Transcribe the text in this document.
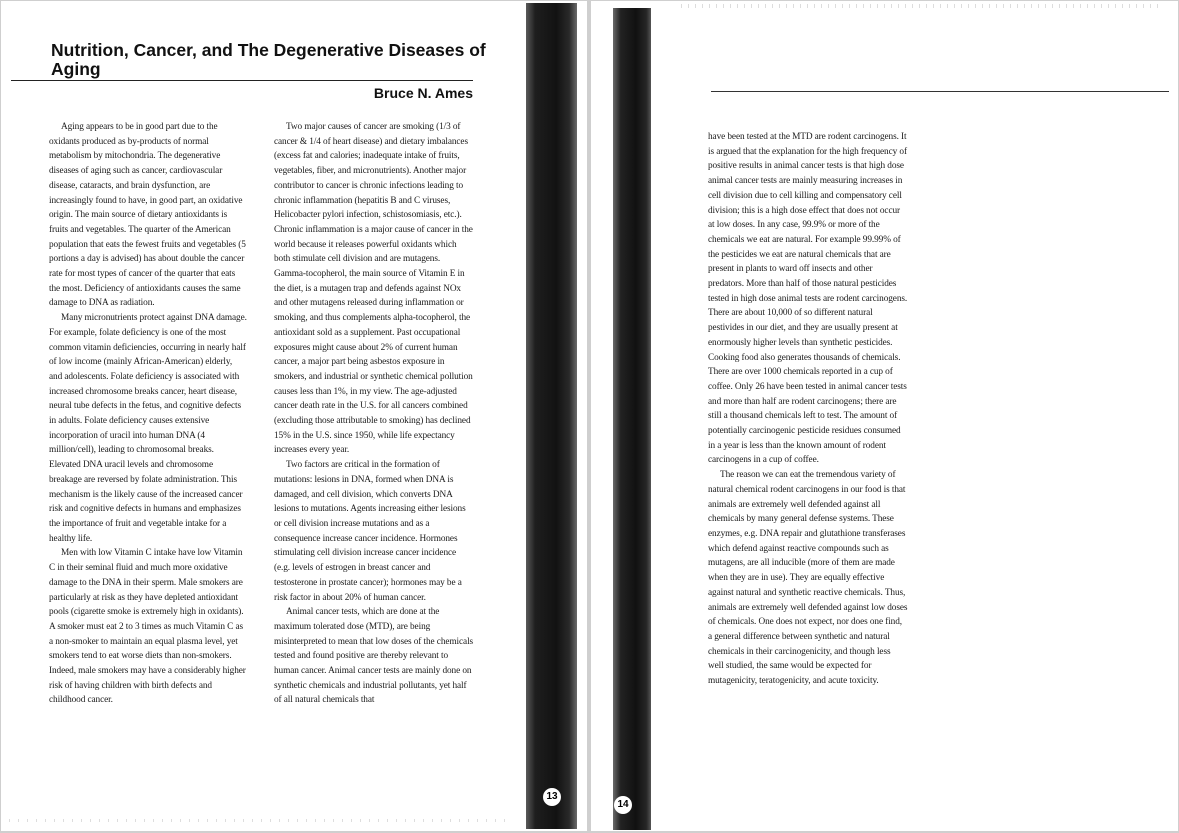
Nutrition, Cancer, and The Degenerative Diseases of Aging
Bruce N. Ames

Aging appears to be in good part due to the oxidants produced as by-products of normal metabolism by mitochondria. The degenerative diseases of aging such as cancer, cardiovascular disease, cataracts, and brain dysfunction, are increasingly found to have, in good part, an oxidative origin. The main source of dietary antioxidants is fruits and vegetables. The quarter of the American population that eats the fewest fruits and vegetables (5 portions a day is advised) has about double the cancer rate for most types of cancer of the quarter that eats the most. Deficiency of antioxidants causes the same damage to DNA as radiation.

Many micronutrients protect against DNA damage. For example, folate deficiency is one of the most common vitamin deficiencies, occurring in nearly half of low income (mainly African-American) elderly, and adolescents. Folate deficiency is associated with increased chromosome breaks cancer, heart disease, neural tube defects in the fetus, and cognitive defects in adults. Folate deficiency causes extensive incorporation of uracil into human DNA (4 million/cell), leading to chromosomal breaks. Elevated DNA uracil levels and chromosome breakage are reversed by folate administration. This mechanism is the likely cause of the increased cancer risk and cognitive defects in humans and emphasizes the importance of fruit and vegetable intake for a healthy life.

Men with low Vitamin C intake have low Vitamin C in their seminal fluid and much more oxidative damage to the DNA in their sperm. Male smokers are particularly at risk as they have depleted antioxidant pools (cigarette smoke is extremely high in oxidants). A smoker must eat 2 to 3 times as much Vitamin C as a non-smoker to maintain an equal plasma level, yet smokers tend to eat worse diets than non-smokers. Indeed, male smokers may have a considerably higher risk of having children with birth defects and childhood cancer.

Two major causes of cancer are smoking (1/3 of cancer & 1/4 of heart disease) and dietary imbalances (excess fat and calories; inadequate intake of fruits, vegetables, fiber, and micronutrients). Another major contributor to cancer is chronic infections leading to chronic inflammation (hepatitis B and C viruses, Helicobacter pylori infection, schistosomiasis, etc.). Chronic inflammation is a major cause of cancer in the world because it releases powerful oxidants which both stimulate cell division and are mutagens. Gamma-tocopherol, the main source of Vitamin E in the diet, is a mutagen trap and defends against NOx and other mutagens released during inflammation or smoking, and thus complements alpha-tocopherol, the antioxidant sold as a supplement. Past occupational exposures might cause about 2% of current human cancer, a major part being asbestos exposure in smokers, and industrial or synthetic chemical pollution causes less than 1%, in my view. The age-adjusted cancer death rate in the U.S. for all cancers combined (excluding those attributable to smoking) has declined 15% in the U.S. since 1950, while life expectancy increases every year.

Two factors are critical in the formation of mutations: lesions in DNA, formed when DNA is damaged, and cell division, which converts DNA lesions to mutations. Agents increasing either lesions or cell division increase mutations and as a consequence increase cancer incidence. Hormones stimulating cell division increase cancer incidence (e.g. levels of estrogen in breast cancer and testosterone in prostate cancer); hormones may be a risk factor in about 20% of human cancer.

Animal cancer tests, which are done at the maximum tolerated dose (MTD), are being misinterpreted to mean that low doses of the chemicals tested and found positive are thereby relevant to human cancer. Animal cancer tests are mainly done on synthetic chemicals and industrial pollutants, yet half of all natural chemicals that

13

have been tested at the MTD are rodent carcinogens. It is argued that the explanation for the high frequency of positive results in animal cancer tests is that high dose animal cancer tests are mainly measuring increases in cell division due to cell killing and compensatory cell division; this is a high dose effect that does not occur at low doses. In any case, 99.9% or more of the chemicals we eat are natural. For example 99.99% of the pesticides we eat are natural chemicals that are present in plants to ward off insects and other predators. More than half of those natural pesticides tested in high dose animal tests are rodent carcinogens. There are about 10,000 of so different natural pestivides in our diet, and they are usually present at enormously higher levels than synthetic pesticides. Cooking food also generates thousands of chemicals. There are over 1000 chemicals reported in a cup of coffee. Only 26 have been tested in animal cancer tests and more than half are rodent carcinogens; there are still a thousand chemicals left to test. The amount of potentially carcinogenic pesticide residues consumed in a year is less than the known amount of rodent carcinogens in a cup of coffee.

The reason we can eat the tremendous variety of natural chemical rodent carcinogens in our food is that animals are extremely well defended against all chemicals by many general defense systems. These enzymes, e.g. DNA repair and glutathione transferases which defend against reactive compounds such as mutagens, are all inducible (more of them are made when they are in use). They are equally effective against natural and synthetic reactive chemicals. Thus, animals are extremely well defended against low doses of chemicals. One does not expect, nor does one find, a general difference between synthetic and natural chemicals in their carcinogenicity, and though less well studied, the same would be expected for mutagenicity, teratogenicity, and acute toxicity.

14
